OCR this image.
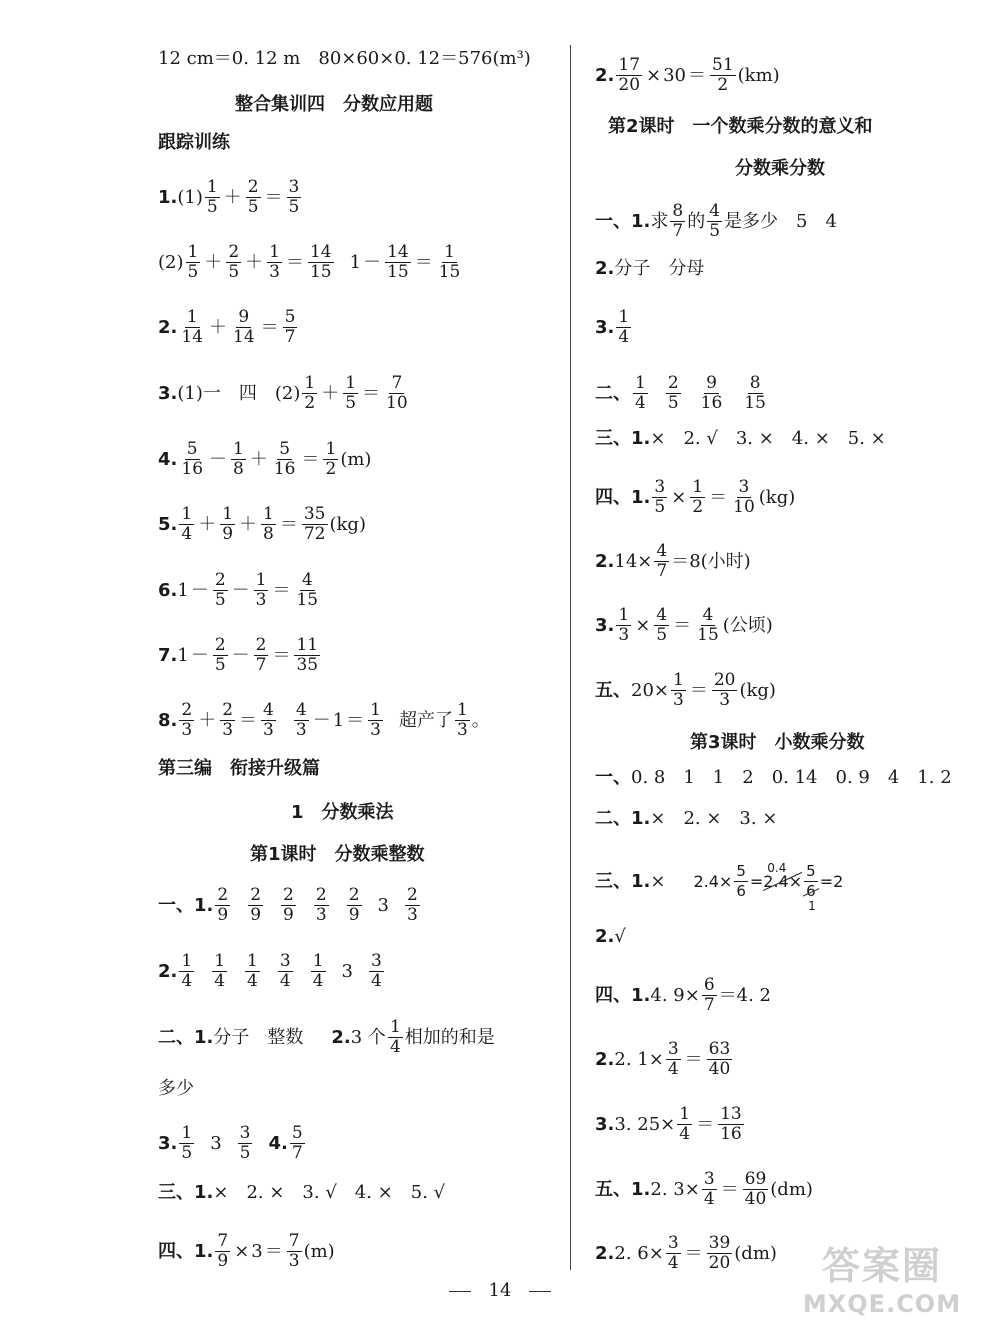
12 cm＝0. 12 m　80×60×0. 12＝576(m³)
整合集训四　分数应用题
跟踪训练
1. $(1) \frac{1}{5} + \frac{2}{5} = \frac{3}{5}$
$(2) \frac{1}{5} + \frac{2}{5} + \frac{1}{3} = \frac{14}{15} 1 - \frac{14}{15} = \frac{1}{15}$
2. $\frac{1}{14} + \frac{9}{14} = \frac{5}{7}$
3. (1)一　四　$(2) \frac{1}{2} + \frac{1}{5} = \frac{7}{10}$
4. $\frac{5}{16} - \frac{1}{8} + \frac{5}{16} = \frac{1}{2} (m)$
5. $\frac{1}{4} + \frac{1}{9} + \frac{1}{8} = \frac{35}{72} (kg)$
6. $1 - \frac{2}{5} - \frac{1}{3} = \frac{4}{15}$
7. $1 - \frac{2}{5} - \frac{2}{7} = \frac{11}{35}$
8. $\frac{2}{3} + \frac{2}{3} = \frac{4}{3} \frac{4}{3} - 1 = \frac{1}{3}$ 超产了 $\frac{1}{3}$ 。
第三编　衔接升级篇
1　分数乘法
第1课时　分数乘整数
一、1. $\frac{2}{9} \frac{2}{9} \frac{2}{9} \frac{2}{3} \frac{2}{9} 3 \frac{2}{3}$
2. $\frac{1}{4} \frac{1}{4} \frac{1}{4} \frac{3}{4} \frac{1}{4} 3 \frac{3}{4}$
二、1. 分子　整数 2. 3 个 $\frac{1}{4}$ 相加的和是
多少
3. $\frac{1}{5} 3 \frac{3}{5} 4$. $\frac{5}{7}$
三、1. ×　2. ×　3. √　4. ×　5. √
四、1. $\frac{7}{9} \times 3 = \frac{7}{3} (m)$
2. $\frac{17}{20} \times 30 = \frac{51}{2} (km)$
第2课时　一个数乘分数的意义和
分数乘分数
一、1. 求 $\frac{8}{7}$ 的 $\frac{4}{5}$ 是多少　5　4
2. 分子　分母
3. $\frac{1}{4}$
二、 $\frac{1}{4} \frac{2}{5} \frac{9}{16} \frac{8}{15}$
三、1. ×　2. √　3. ×　4. ×　5. ×
四、1. $\frac{3}{5} \times \frac{1}{2} = \frac{3}{10} (kg)$
2. $14\times \frac{4}{7} =8$(小时)
3. $\frac{1}{3} \times \frac{4}{5} = \frac{4}{15}$ (公顷)
五、 $20\times \frac{1}{3} = \frac{20}{3} (kg)$
第3课时　小数乘分数
一、 0. 8　1　1　2　0. 14　0. 9　4　1. 2
二、1. ×　2. ×　3. ×
三、1. × $2.4\times \frac{5}{6}$ =
0.4
$2.4\times \frac{5}{6}$
1
=2
2. √
四、1. 4. $9\times \frac{6}{7} =4$. 2
2. 2. $1\times \frac{3}{4} = \frac{63}{40}$
3. 3. $25\times \frac{1}{4} = \frac{13}{16}$
五、1. 2. $3\times \frac{3}{4} = \frac{69}{40} (dm)$
2. 2. $6\times \frac{3}{4} = \frac{39}{20} (dm)$
14
答案圈
MXQE.COM
